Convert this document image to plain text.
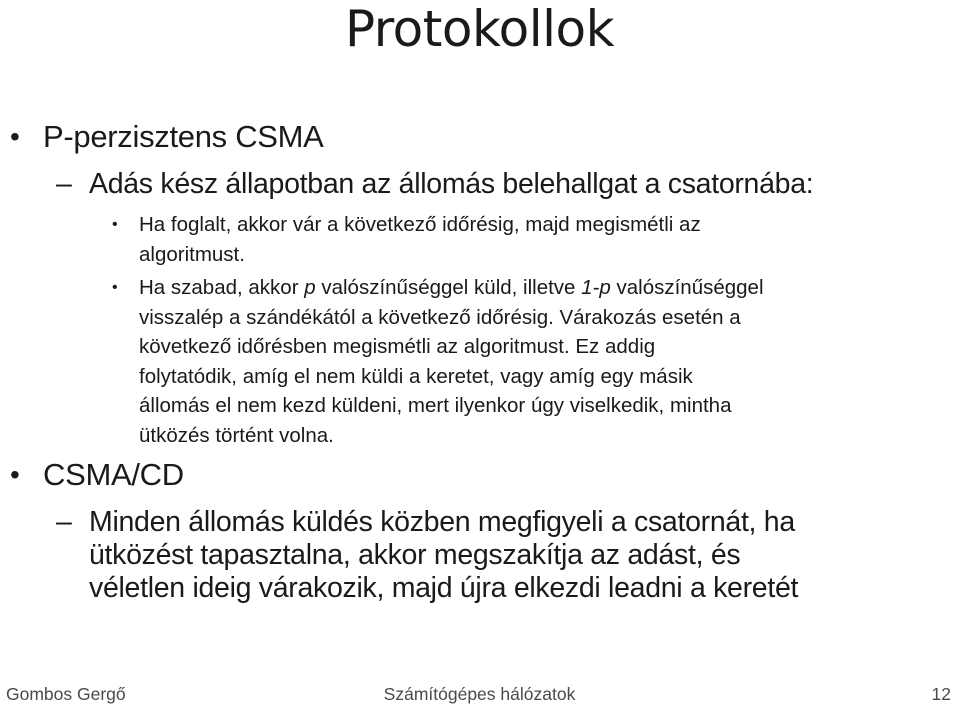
Protokollok
• P-perzisztens CSMA
– Adás kész állapotban az állomás belehallgat a csatornába:
•	Ha foglalt, akkor vár a következő időrésig, majd megismétli az
algoritmust.
•	Ha szabad, akkor p valószínűséggel küld, illetve 1-p valószínűséggel
visszalép a szándékától a következő időrésig. Várakozás esetén a
következő időrésben megismétli az algoritmust. Ez addig
folytatódik, amíg el nem küldi a keretet, vagy amíg egy másik
állomás el nem kezd küldeni, mert ilyenkor úgy viselkedik, mintha
ütközés történt volna.
• CSMA/CD
– Minden állomás küldés közben megfigyeli a csatornát, ha
ütközést tapasztalna, akkor megszakítja az adást, és
véletlen ideig várakozik, majd újra elkezdi leadni a keretét
Gombos Gergő	Számítógépes hálózatok	12
